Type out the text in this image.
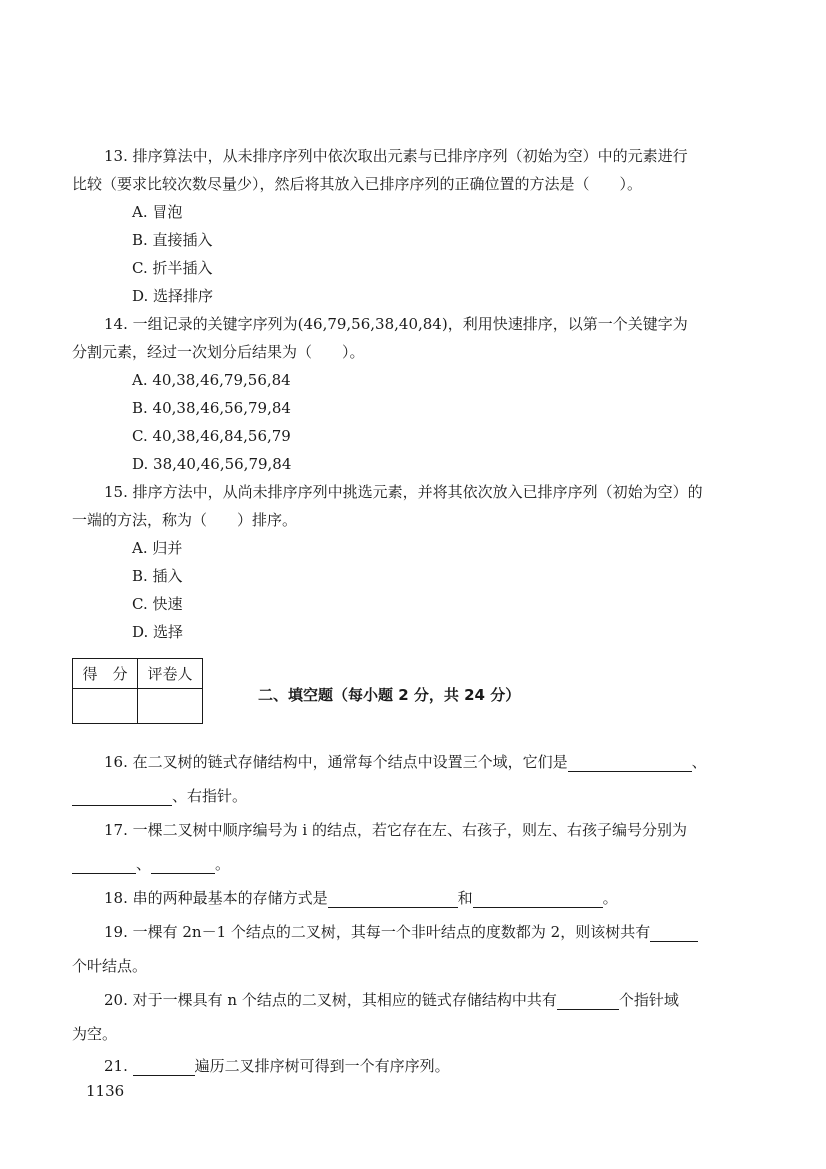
13. 排序算法中，从未排序序列中依次取出元素与已排序序列（初始为空）中的元素进行
比较（要求比较次数尽量少），然后将其放入已排序序列的正确位置的方法是（　　）。
A. 冒泡
B. 直接插入
C. 折半插入
D. 选择排序
14. 一组记录的关键字序列为(46,79,56,38,40,84)，利用快速排序，以第一个关键字为
分割元素，经过一次划分后结果为（　　）。
A. 40,38,46,79,56,84
B. 40,38,46,56,79,84
C. 40,38,46,84,56,79
D. 38,40,46,56,79,84
15. 排序方法中，从尚未排序序列中挑选元素，并将其依次放入已排序序列（初始为空）的
一端的方法，称为（　　）排序。
A. 归并
B. 插入
C. 快速
D. 选择
得　分	评卷人

二、填空题（每小题 2 分，共 24 分）
16. 在二叉树的链式存储结构中，通常每个结点中设置三个域，它们是	、
、右指针。
17. 一棵二叉树中顺序编号为 i 的结点，若它存在左、右孩子，则左、右孩子编号分别为
、	。
18. 串的两种最基本的存储方式是	和	。
19. 一棵有 2n－1 个结点的二叉树，其每一个非叶结点的度数都为 2，则该树共有
个叶结点。
20. 对于一棵具有 n 个结点的二叉树，其相应的链式存储结构中共有	个指针域
为空。
21.	遍历二叉排序树可得到一个有序序列。
1136
